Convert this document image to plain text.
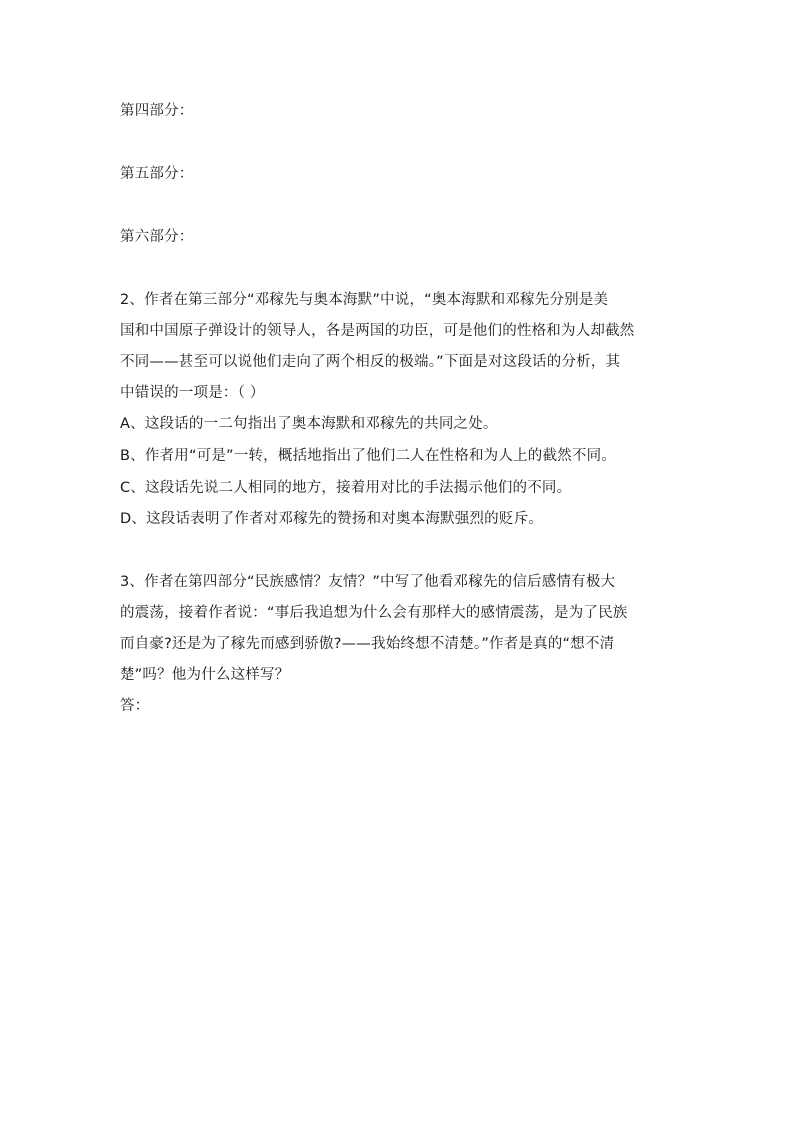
第四部分：
第五部分：
第六部分：
2、作者在第三部分“邓稼先与奥本海默”中说，“奥本海默和邓稼先分别是美
国和中国原子弹设计的领导人，各是两国的功臣，可是他们的性格和为人却截然
不同——甚至可以说他们走向了两个相反的极端。”下面是对这段话的分析，其
中错误的一项是：（ ）
A、这段话的一二句指出了奥本海默和邓稼先的共同之处。
B、作者用“可是”一转，概括地指出了他们二人在性格和为人上的截然不同。
C、这段话先说二人相同的地方，接着用对比的手法揭示他们的不同。
D、这段话表明了作者对邓稼先的赞扬和对奥本海默强烈的贬斥。
3、作者在第四部分“民族感情？友情？”中写了他看邓稼先的信后感情有极大
的震荡，接着作者说：“事后我追想为什么会有那样大的感情震荡，是为了民族
而自豪?还是为了稼先而感到骄傲?——我始终想不清楚。”作者是真的“想不清
楚”吗？他为什么这样写？
答：
